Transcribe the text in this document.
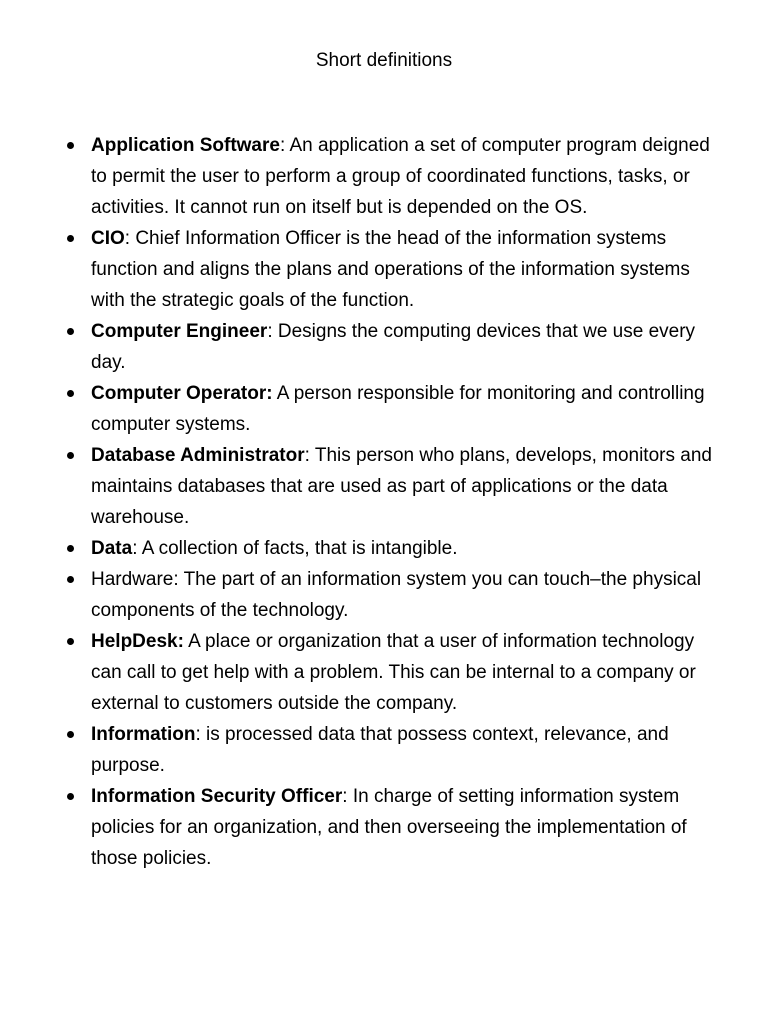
Short definitions
Application Software: An application a set of computer program deigned to permit the user to perform a group of coordinated functions, tasks, or activities. It cannot run on itself but is depended on the OS.
CIO: Chief Information Officer is the head of the information systems function and aligns the plans and operations of the information systems with the strategic goals of the function.
Computer Engineer: Designs the computing devices that we use every day.
Computer Operator: A person responsible for monitoring and controlling computer systems.
Database Administrator: This person who plans, develops, monitors and maintains databases that are used as part of applications or the data warehouse.
Data: A collection of facts, that is intangible.
Hardware: The part of an information system you can touch–the physical components of the technology.
HelpDesk: A place or organization that a user of information technology can call to get help with a problem. This can be internal to a company or external to customers outside the company.
Information: is processed data that possess context, relevance, and purpose.
Information Security Officer: In charge of setting information system policies for an organization, and then overseeing the implementation of those policies.
